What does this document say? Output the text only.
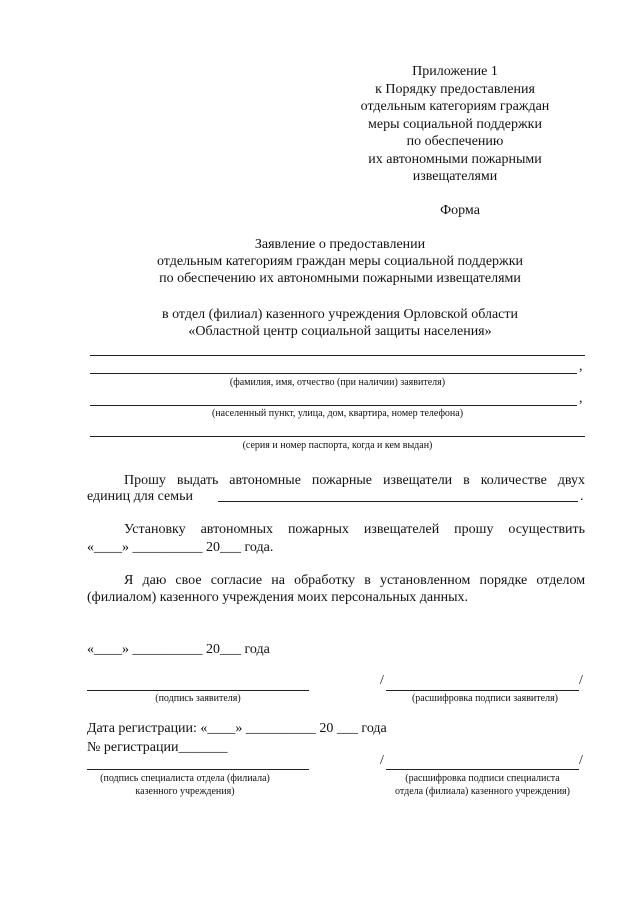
Приложение 1
к Порядку предоставления
отдельным категориям граждан
меры социальной поддержки
по обеспечению
их автономными пожарными
извещателями
Форма
Заявление о предоставлении
отдельным категориям граждан меры социальной поддержки
по обеспечению их автономными пожарными извещателями
в отдел (филиал) казенного учреждения Орловской области
«Областной центр социальной защиты населения»
,
(фамилия, имя, отчество (при наличии) заявителя)
,
(населенный пункт, улица, дом, квартира, номер телефона)
(серия и номер паспорта, когда и кем выдан)
Прошу выдать автономные пожарные извещатели в количестве двух
единиц для семьи	.
Установку автономных пожарных извещателей прошу осуществить
«____» __________ 20___ года.
Я даю свое согласие на обработку в установленном порядке отделом
(филиалом) казенного учреждения моих персональных данных.
«____» __________ 20___ года
(подпись заявителя)
/	/
(расшифровка подписи заявителя)
Дата регистрации: «____» __________ 20 ___ года
№ регистрации_______
(подпись специалиста отдела (филиала)
казенного учреждения)
/	/
(расшифровка подписи специалиста
отдела (филиала) казенного учреждения)
